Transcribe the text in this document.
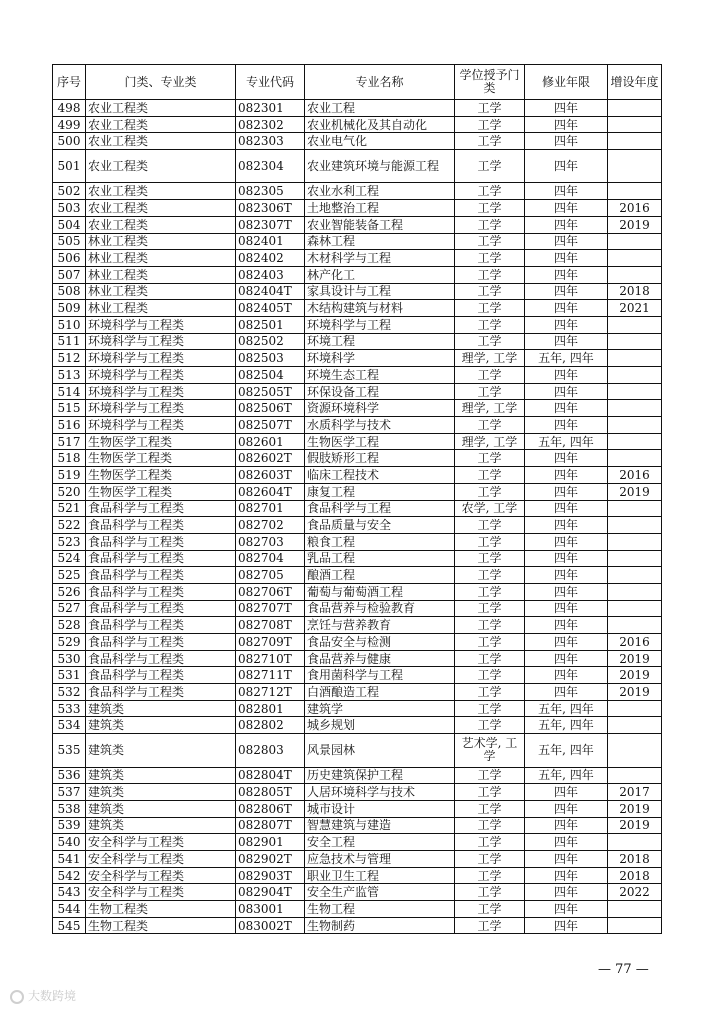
序号	门类、专业类	专业代码	专业名称	学位授予门类	修业年限	增设年度
498	农业工程类	082301	农业工程	工学	四年	
499	农业工程类	082302	农业机械化及其自动化	工学	四年	
500	农业工程类	082303	农业电气化	工学	四年	
501	农业工程类	082304	农业建筑环境与能源工程	工学	四年	
502	农业工程类	082305	农业水利工程	工学	四年	
503	农业工程类	082306T	土地整治工程	工学	四年	2016
504	农业工程类	082307T	农业智能装备工程	工学	四年	2019
505	林业工程类	082401	森林工程	工学	四年	
506	林业工程类	082402	木材科学与工程	工学	四年	
507	林业工程类	082403	林产化工	工学	四年	
508	林业工程类	082404T	家具设计与工程	工学	四年	2018
509	林业工程类	082405T	木结构建筑与材料	工学	四年	2021
510	环境科学与工程类	082501	环境科学与工程	工学	四年	
511	环境科学与工程类	082502	环境工程	工学	四年	
512	环境科学与工程类	082503	环境科学	理学, 工学	五年, 四年	
513	环境科学与工程类	082504	环境生态工程	工学	四年	
514	环境科学与工程类	082505T	环保设备工程	工学	四年	
515	环境科学与工程类	082506T	资源环境科学	理学, 工学	四年	
516	环境科学与工程类	082507T	水质科学与技术	工学	四年	
517	生物医学工程类	082601	生物医学工程	理学, 工学	五年, 四年	
518	生物医学工程类	082602T	假肢矫形工程	工学	四年	
519	生物医学工程类	082603T	临床工程技术	工学	四年	2016
520	生物医学工程类	082604T	康复工程	工学	四年	2019
521	食品科学与工程类	082701	食品科学与工程	农学, 工学	四年	
522	食品科学与工程类	082702	食品质量与安全	工学	四年	
523	食品科学与工程类	082703	粮食工程	工学	四年	
524	食品科学与工程类	082704	乳品工程	工学	四年	
525	食品科学与工程类	082705	酿酒工程	工学	四年	
526	食品科学与工程类	082706T	葡萄与葡萄酒工程	工学	四年	
527	食品科学与工程类	082707T	食品营养与检验教育	工学	四年	
528	食品科学与工程类	082708T	烹饪与营养教育	工学	四年	
529	食品科学与工程类	082709T	食品安全与检测	工学	四年	2016
530	食品科学与工程类	082710T	食品营养与健康	工学	四年	2019
531	食品科学与工程类	082711T	食用菌科学与工程	工学	四年	2019
532	食品科学与工程类	082712T	白酒酿造工程	工学	四年	2019
533	建筑类	082801	建筑学	工学	五年, 四年	
534	建筑类	082802	城乡规划	工学	五年, 四年	
535	建筑类	082803	风景园林	艺术学, 工学	五年, 四年	
536	建筑类	082804T	历史建筑保护工程	工学	五年, 四年	
537	建筑类	082805T	人居环境科学与技术	工学	四年	2017
538	建筑类	082806T	城市设计	工学	四年	2019
539	建筑类	082807T	智慧建筑与建造	工学	四年	2019
540	安全科学与工程类	082901	安全工程	工学	四年	
541	安全科学与工程类	082902T	应急技术与管理	工学	四年	2018
542	安全科学与工程类	082903T	职业卫生工程	工学	四年	2018
543	安全科学与工程类	082904T	安全生产监管	工学	四年	2022
544	生物工程类	083001	生物工程	工学	四年	
545	生物工程类	083002T	生物制药	工学	四年	
— 77 —
大数跨境
